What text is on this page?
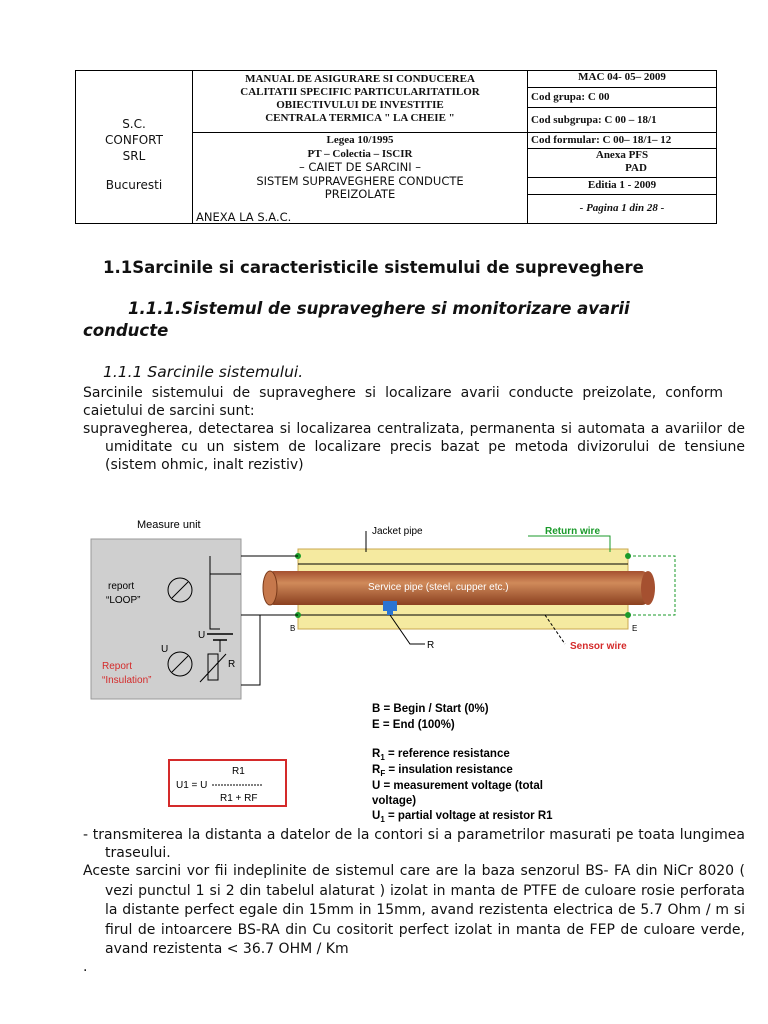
S.C.
CONFORT
SRL
Bucuresti
MANUAL DE ASIGURARE SI CONDUCEREA
CALITATII SPECIFIC PARTICULARITATILOR
OBIECTIVULUI DE INVESTITIE
CENTRALA TERMICA " LA CHEIE "
Legea 10/1995
PT – Colectia – ISCIR
– CAIET DE SARCINI –
SISTEM SUPRAVEGHERE CONDUCTE
PREIZOLATE
ANEXA LA S.A.C.
MAC 04- 05– 2009
Cod grupa: C 00
Cod subgrupa: C 00 – 18/1
Cod formular: C 00– 18/1– 12
Anexa PFS
PAD
Editia 1 - 2009
- Pagina 1 din 28 -
1.1Sarcinile si caracteristicile sistemului de supreveghere
1.1.1.Sistemul de supraveghere si monitorizare avarii
conducte
1.1.1 Sarcinile sistemului.
Sarcinile sistemului de supraveghere si localizare avarii conducte preizolate, conform caietului de sarcini sunt:
supravegherea, detectarea si localizarea centralizata, permanenta si automata a avariilor de umiditate cu un sistem de localizare precis bazat pe metoda divizorului de tensiune (sistem ohmic, inalt rezistiv)
Measure unit
Service pipe (steel, cupper etc.)
report
“LOOP”
Report
“Insulation”
U
U
R
R
Jacket pipe	Return wire
Sensor wire
B	E
B = Begin / Start (0%)
E = End (100%)
$R_1$ = reference resistance
$R_F$ = insulation resistance
U = measurement voltage (total
voltage)
$U_1$ = partial voltage at resistor R1
R1
U1 = U
R1 + RF
- transmiterea la distanta a datelor de la contori si a parametrilor masurati pe toata lungimea traseului.
Aceste sarcini vor fii indeplinite de sistemul care are la baza senzorul BS- FA din NiCr 8020 ( vezi punctul 1 si 2 din tabelul alaturat ) izolat in manta de PTFE de culoare rosie perforata la distante perfect egale din 15mm in 15mm, avand rezistenta electrica de 5.7 Ohm / m si firul de intoarcere BS-RA din Cu cositorit perfect izolat in manta de FEP de culoare verde, avand rezistenta < 36.7 OHM / Km
.
